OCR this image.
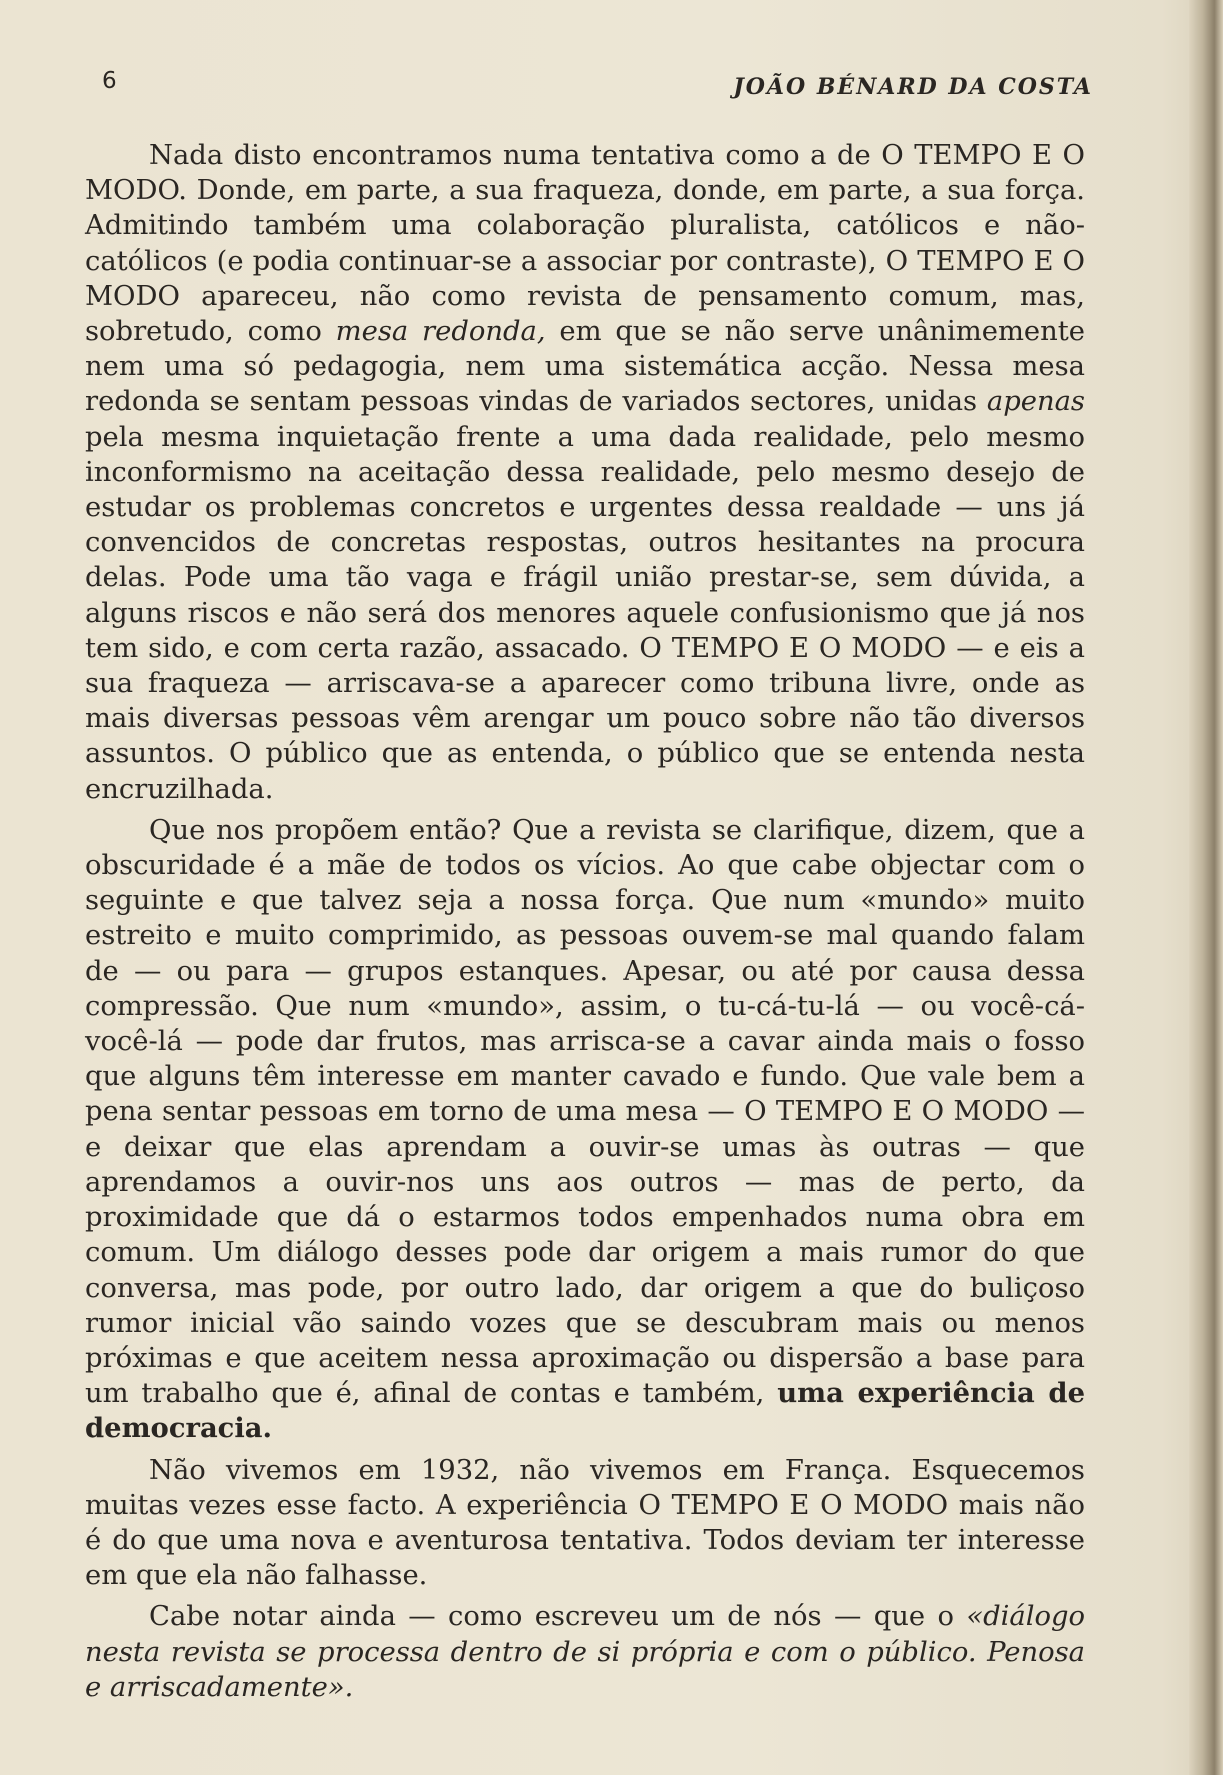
6	JOÃO BÉNARD DA COSTA

Nada disto encontramos numa tentativa como a de O TEMPO E O MODO. Donde, em parte, a sua fraqueza, donde, em parte, a sua força. Admitindo também uma colaboração pluralista, católicos e não-católicos (e podia continuar-se a associar por contraste), O TEMPO E O MODO apareceu, não como revista de pensamento comum, mas, sobretudo, como mesa redonda, em que se não serve unânimemente nem uma só pedagogia, nem uma sistemática acção. Nessa mesa redonda se sentam pessoas vindas de variados sectores, unidas apenas pela mesma inquietação frente a uma dada realidade, pelo mesmo inconformismo na aceitação dessa realidade, pelo mesmo desejo de estudar os problemas concretos e urgentes dessa realdade — uns já convencidos de concretas respostas, outros hesitantes na procura delas. Pode uma tão vaga e frágil união prestar-se, sem dúvida, a alguns riscos e não será dos menores aquele confusionismo que já nos tem sido, e com certa razão, assacado. O TEMPO E O MODO — e eis a sua fraqueza — arriscava-se a aparecer como tribuna livre, onde as mais diversas pessoas vêm arengar um pouco sobre não tão diversos assuntos. O público que as entenda, o público que se entenda nesta encruzilhada.

Que nos propõem então? Que a revista se clarifique, dizem, que a obscuridade é a mãe de todos os vícios. Ao que cabe objectar com o seguinte e que talvez seja a nossa força. Que num «mundo» muito estreito e muito comprimido, as pessoas ouvem-se mal quando falam de — ou para — grupos estanques. Apesar, ou até por causa dessa compressão. Que num «mundo», assim, o tu-cá-tu-lá — ou você-cá-você-lá — pode dar frutos, mas arrisca-se a cavar ainda mais o fosso que alguns têm interesse em manter cavado e fundo. Que vale bem a pena sentar pessoas em torno de uma mesa — O TEMPO E O MODO — e deixar que elas aprendam a ouvir-se umas às outras — que aprendamos a ouvir-nos uns aos outros — mas de perto, da proximidade que dá o estarmos todos empenhados numa obra em comum. Um diálogo desses pode dar origem a mais rumor do que conversa, mas pode, por outro lado, dar origem a que do buliçoso rumor inicial vão saindo vozes que se descubram mais ou menos próximas e que aceitem nessa aproximação ou dispersão a base para um trabalho que é, afinal de contas e também, uma experiência de democracia.

Não vivemos em 1932, não vivemos em França. Esquecemos muitas vezes esse facto. A experiência O TEMPO E O MODO mais não é do que uma nova e aventurosa tentativa. Todos deviam ter interesse em que ela não falhasse.

Cabe notar ainda — como escreveu um de nós — que o «diálogo nesta revista se processa dentro de si própria e com o público. Penosa e arriscadamente».
